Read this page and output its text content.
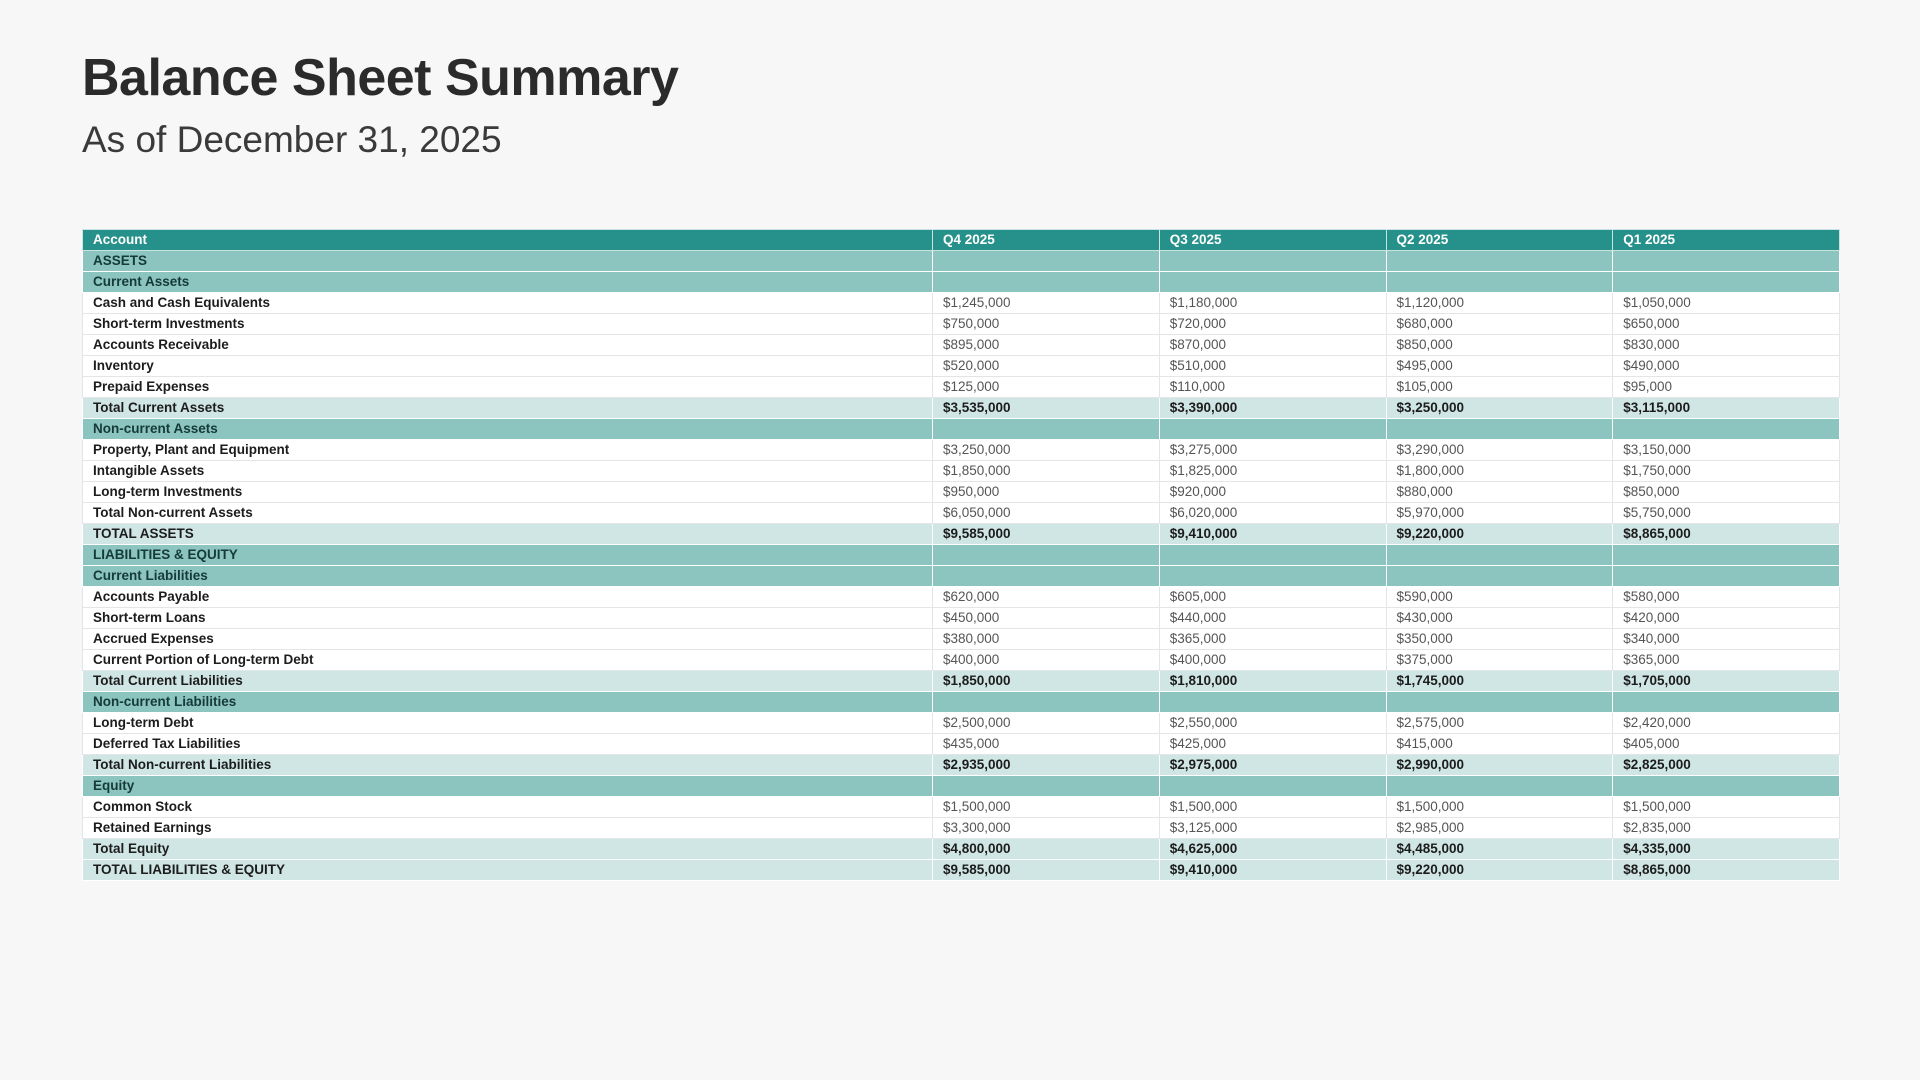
Balance Sheet Summary
As of December 31, 2025
Account	Q4 2025	Q3 2025	Q2 2025	Q1 2025
ASSETS				
Current Assets				
Cash and Cash Equivalents	$1,245,000	$1,180,000	$1,120,000	$1,050,000
Short-term Investments	$750,000	$720,000	$680,000	$650,000
Accounts Receivable	$895,000	$870,000	$850,000	$830,000
Inventory	$520,000	$510,000	$495,000	$490,000
Prepaid Expenses	$125,000	$110,000	$105,000	$95,000
Total Current Assets	$3,535,000	$3,390,000	$3,250,000	$3,115,000
Non-current Assets				
Property, Plant and Equipment	$3,250,000	$3,275,000	$3,290,000	$3,150,000
Intangible Assets	$1,850,000	$1,825,000	$1,800,000	$1,750,000
Long-term Investments	$950,000	$920,000	$880,000	$850,000
Total Non-current Assets	$6,050,000	$6,020,000	$5,970,000	$5,750,000
TOTAL ASSETS	$9,585,000	$9,410,000	$9,220,000	$8,865,000
LIABILITIES & EQUITY				
Current Liabilities				
Accounts Payable	$620,000	$605,000	$590,000	$580,000
Short-term Loans	$450,000	$440,000	$430,000	$420,000
Accrued Expenses	$380,000	$365,000	$350,000	$340,000
Current Portion of Long-term Debt	$400,000	$400,000	$375,000	$365,000
Total Current Liabilities	$1,850,000	$1,810,000	$1,745,000	$1,705,000
Non-current Liabilities				
Long-term Debt	$2,500,000	$2,550,000	$2,575,000	$2,420,000
Deferred Tax Liabilities	$435,000	$425,000	$415,000	$405,000
Total Non-current Liabilities	$2,935,000	$2,975,000	$2,990,000	$2,825,000
Equity				
Common Stock	$1,500,000	$1,500,000	$1,500,000	$1,500,000
Retained Earnings	$3,300,000	$3,125,000	$2,985,000	$2,835,000
Total Equity	$4,800,000	$4,625,000	$4,485,000	$4,335,000
TOTAL LIABILITIES & EQUITY	$9,585,000	$9,410,000	$9,220,000	$8,865,000
